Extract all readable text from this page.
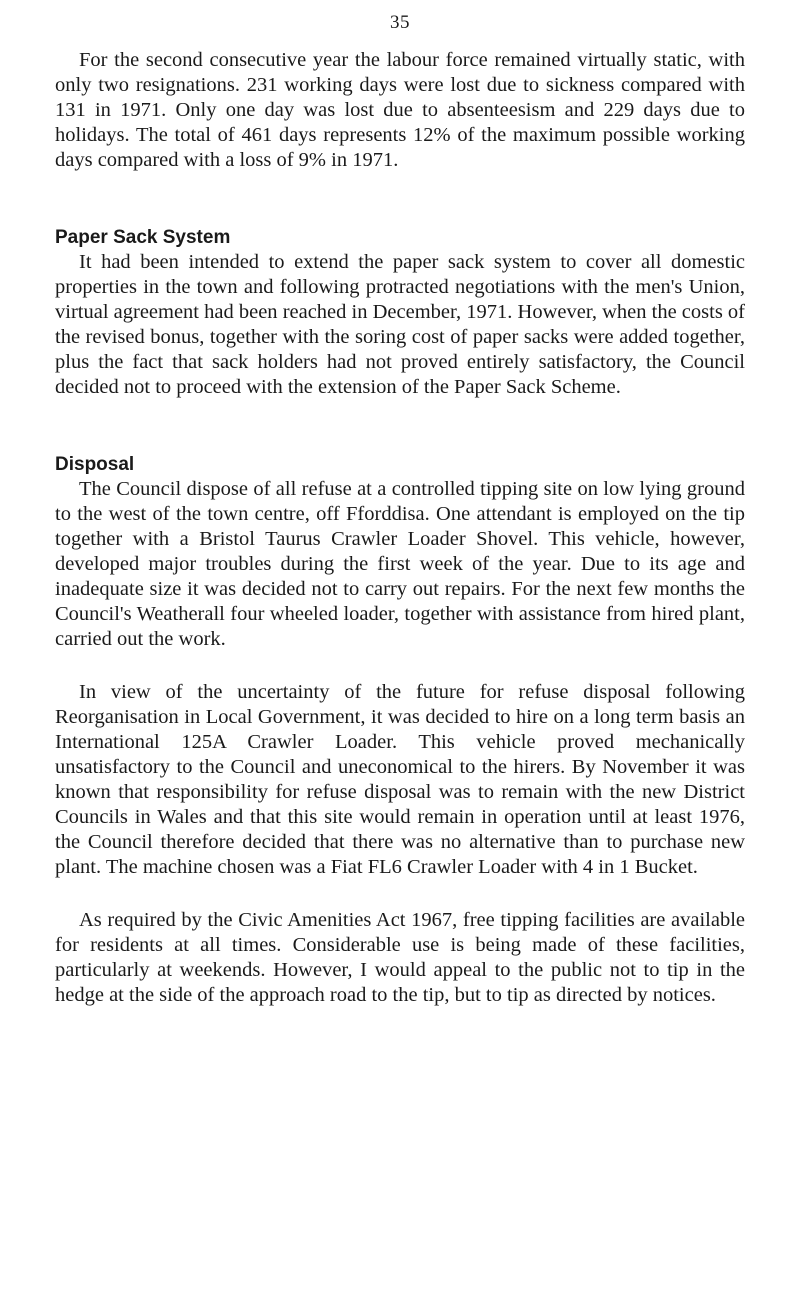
35

For the second consecutive year the labour force remained virtually static, with only two resignations. 231 working days were lost due to sickness compared with 131 in 1971. Only one day was lost due to absenteesism and 229 days due to holidays. The total of 461 days represents 12% of the maximum possible working days compared with a loss of 9% in 1971.

Paper Sack System

It had been intended to extend the paper sack system to cover all domestic properties in the town and following protracted negotiations with the men's Union, virtual agreement had been reached in December, 1971. However, when the costs of the revised bonus, together with the soring cost of paper sacks were added together, plus the fact that sack holders had not proved entirely satisfactory, the Council decided not to proceed with the extension of the Paper Sack Scheme.

Disposal

The Council dispose of all refuse at a controlled tipping site on low lying ground to the west of the town centre, off Fforddisa. One attendant is employed on the tip together with a Bristol Taurus Crawler Loader Shovel. This vehicle, however, developed major troubles during the first week of the year. Due to its age and inadequate size it was decided not to carry out repairs. For the next few months the Council's Weatherall four wheeled loader, together with assistance from hired plant, carried out the work.

In view of the uncertainty of the future for refuse disposal following Reorganisation in Local Government, it was decided to hire on a long term basis an International 125A Crawler Loader. This vehicle proved mechanically unsatisfactory to the Council and uneconomical to the hirers. By November it was known that responsibility for refuse disposal was to remain with the new District Councils in Wales and that this site would remain in operation until at least 1976, the Council therefore decided that there was no alternative than to purchase new plant. The machine chosen was a Fiat FL6 Crawler Loader with 4 in 1 Bucket.

As required by the Civic Amenities Act 1967, free tipping facilities are available for residents at all times. Considerable use is being made of these facilities, particularly at weekends. However, I would appeal to the public not to tip in the hedge at the side of the approach road to the tip, but to tip as directed by notices.
